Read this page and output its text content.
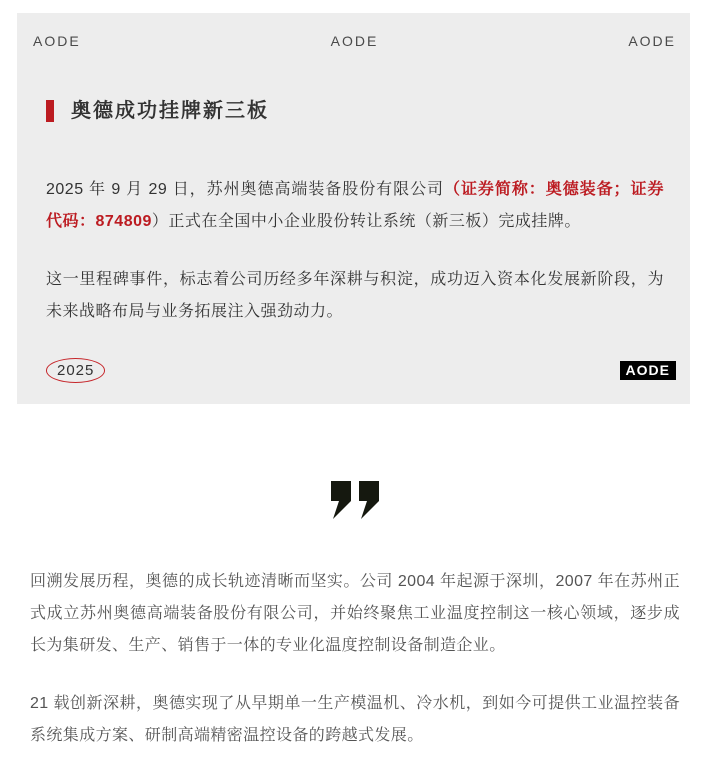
AODE	AODE	AODE
奥德成功挂牌新三板

2025 年 9 月 29 日，苏州奥德高端装备股份有限公司（证券简称：奥德装备；证券代码：874809）正式在全国中小企业股份转让系统（新三板）完成挂牌。

这一里程碑事件，标志着公司历经多年深耕与积淀，成功迈入资本化发展新阶段，为未来战略布局与业务拓展注入强劲动力。

2025	AODE

回溯发展历程，奥德的成长轨迹清晰而坚实。公司 2004 年起源于深圳，2007 年在苏州正式成立苏州奥德高端装备股份有限公司，并始终聚焦工业温度控制这一核心领域，逐步成长为集研发、生产、销售于一体的专业化温度控制设备制造企业。

21 载创新深耕，奥德实现了从早期单一生产模温机、冷水机，到如今可提供工业温控装备系统集成方案、研制高端精密温控设备的跨越式发展。
